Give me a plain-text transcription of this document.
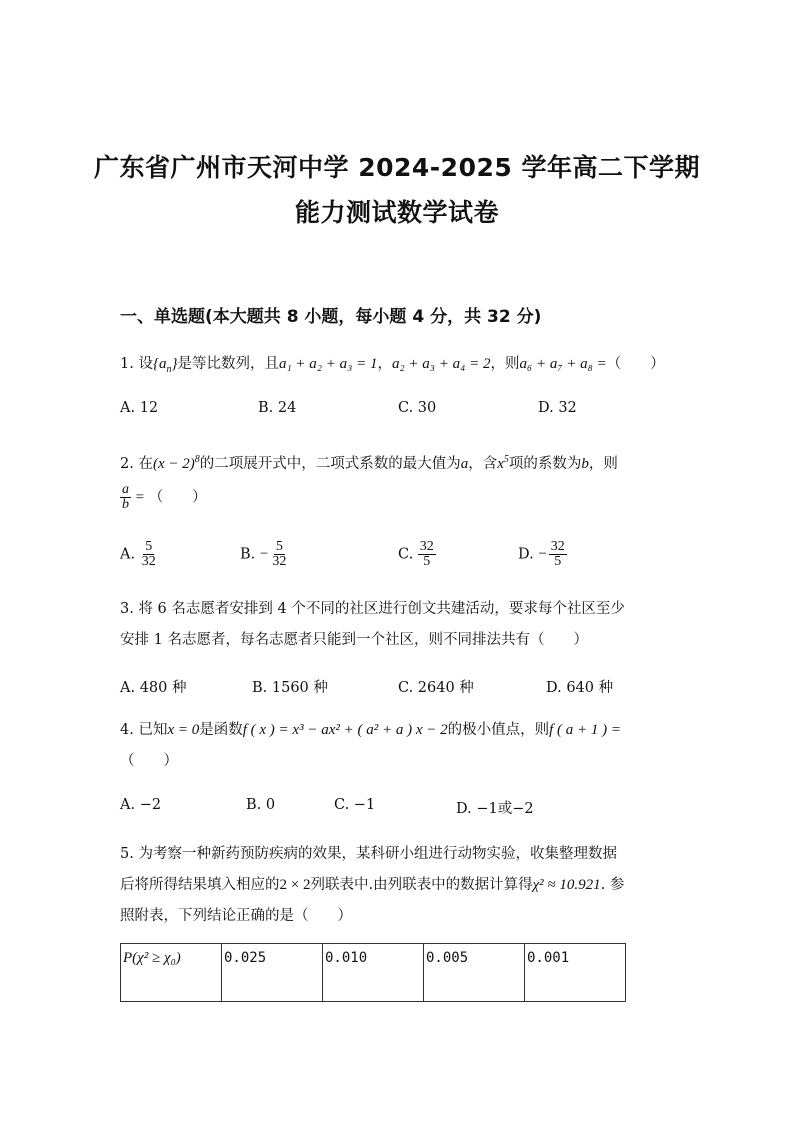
广东省广州市天河中学 2024-2025 学年高二下学期
能力测试数学试卷
一、单选题(本大题共 8 小题，每小题 4 分，共 32 分)
1. 设$\{a_n\}$是等比数列，且a₁ + a₂ + a₃ = 1，a₂ + a₃ + a₄ = 2，则a₆ + a₇ + a₈ =（　　）
A. 12	B. 24	C. 30	D. 32
2. 在$(x - 2)^8$的二项展开式中，二项式系数的最大值为a，含$x^5$项的系数为b，则
$\frac{a}{b}$ = （　　）
A. $\frac{5}{32}$	B. − $\frac{5}{32}$	C. $\frac{32}{5}$	D. − $\frac{32}{5}$
3. 将 6 名志愿者安排到 4 个不同的社区进行创文共建活动，要求每个社区至少
安排 1 名志愿者，每名志愿者只能到一个社区，则不同排法共有（　　）
A. 480 种	B. 1560 种	C. 2640 种	D. 640 种
4. 已知x = 0是函数f ( x ) = x³ − ax² + ( a² + a ) x − 2的极小值点，则f ( a + 1 ) =
（　　）
A. −2	B. 0	C. −1	D. −1或−2
5. 为考察一种新药预防疾病的效果，某科研小组进行动物实验，收集整理数据
后将所得结果填入相应的2 × 2列联表中.由列联表中的数据计算得χ² ≈ 10.921. 参
照附表，下列结论正确的是（　　）
P(χ² ≥ χ₀)	0.025	0.010	0.005	0.001
